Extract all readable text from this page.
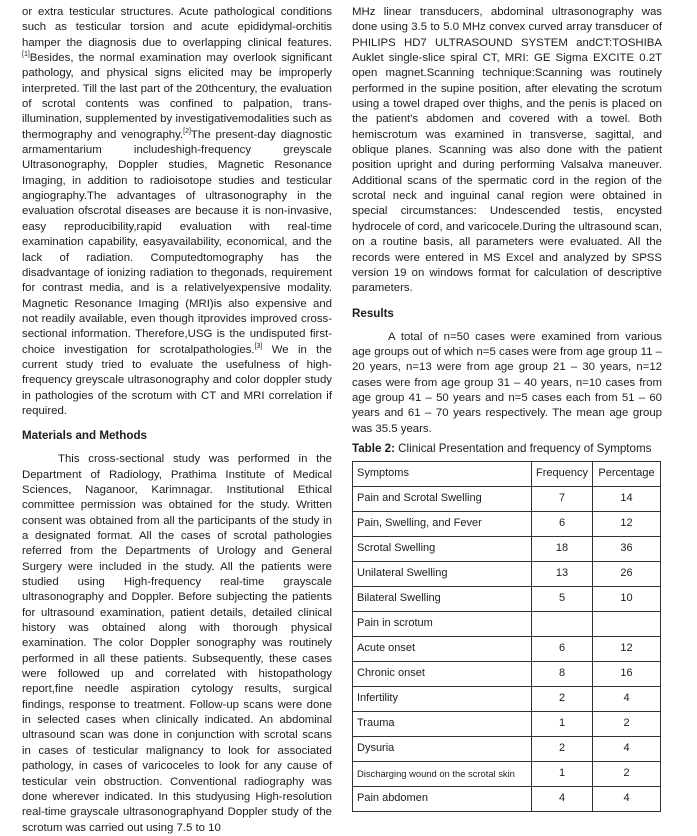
or extra testicular structures. Acute pathological conditions such as testicular torsion and acute epididymal-orchitis hamper the diagnosis due to overlapping clinical features. [1]Besides, the normal examination may overlook significant pathology, and physical signs elicited may be improperly interpreted. Till the last part of the 20thcentury, the evaluation of scrotal contents was confined to palpation, trans-illumination, supplemented by investigativemodalities such as thermography and venography.[2]The present-day diagnostic armamentarium includeshigh-frequency greyscale Ultrasonography, Doppler studies, Magnetic Resonance Imaging, in addition to radioisotope studies and testicular angiography.The advantages of ultrasonography in the evaluation ofscrotal diseases are because it is non-invasive, easy reproducibility,rapid evaluation with real-time examination capability, easyavailability, economical, and the lack of radiation. Computedtomography has the disadvantage of ionizing radiation to thegonads, requirement for contrast media, and is a relativelyexpensive modality. Magnetic Resonance Imaging (MRI)is also expensive and not readily available, even though itprovides improved cross-sectional information. Therefore,USG is the undisputed first-choice investigation for scrotalpathologies.[3] We in the current study tried to evaluate the usefulness of high-frequency greyscale ultrasonography and color doppler study in pathologies of the scrotum with CT and MRI correlation if required.

Materials and Methods

This cross-sectional study was performed in the Department of Radiology, Prathima Institute of Medical Sciences, Naganoor, Karimnagar. Institutional Ethical committee permission was obtained for the study. Written consent was obtained from all the participants of the study in a designated format. All the cases of scrotal pathologies referred from the Departments of Urology and General Surgery were included in the study. All the patients were studied using High-frequency real-time grayscale ultrasonography and Doppler. Before subjecting the patients for ultrasound examination, patient details, detailed clinical history was obtained along with thorough physical examination. The color Doppler sonography was routinely performed in all these patients. Subsequently, these cases were followed up and correlated with histopathology report,fine needle aspiration cytology results, surgical findings, response to treatment. Follow-up scans were done in selected cases when clinically indicated. An abdominal ultrasound scan was done in conjunction with scrotal scans in cases of testicular malignancy to look for associated pathology, in cases of varicoceles to look for any cause of testicular vein obstruction. Conventional radiography was done wherever indicated. In this studyusing High-resolution real-time grayscale ultrasonographyand Doppler study of the scrotum was carried out using 7.5 to 10

MHz linear transducers, abdominal ultrasonography was done using 3.5 to 5.0 MHz convex curved array transducer of PHILIPS HD7 ULTRASOUND SYSTEM andCT:TOSHIBA Auklet single-slice spiral CT, MRI: GE Sigma EXCITE 0.2T open magnet.Scanning technique:Scanning was routinely performed in the supine position, after elevating the scrotum using a towel draped over thighs, and the penis is placed on the patient's abdomen and covered with a towel. Both hemiscrotum was examined in transverse, sagittal, and oblique planes. Scanning was also done with the patient position upright and during performing Valsalva maneuver. Additional scans of the spermatic cord in the region of the scrotal neck and inguinal canal region were obtained in special circumstances: Undescended testis, encysted hydrocele of cord, and varicocele.During the ultrasound scan, on a routine basis, all parameters were evaluated. All the records were entered in MS Excel and analyzed by SPSS version 19 on windows format for calculation of descriptive parameters.

Results

A total of n=50 cases were examined from various age groups out of which n=5 cases were from age group 11 – 20 years, n=13 were from age group 21 – 30 years, n=12 cases were from age group 31 – 40 years, n=10 cases from age group 41 – 50 years and n=5 cases each from 51 – 60 years and 61 – 70 years respectively. The mean age group was 35.5 years.

Table 2: Clinical Presentation and frequency of Symptoms
Symptoms	Frequency	Percentage
Pain and Scrotal Swelling	7	14
Pain, Swelling, and Fever	6	12
Scrotal Swelling	18	36
Unilateral Swelling	13	26
Bilateral Swelling	5	10
Pain in scrotum		
Acute onset	6	12
Chronic onset	8	16
Infertility	2	4
Trauma	1	2
Dysuria	2	4
Discharging wound on the scrotal skin	1	2
Pain abdomen	4	4
